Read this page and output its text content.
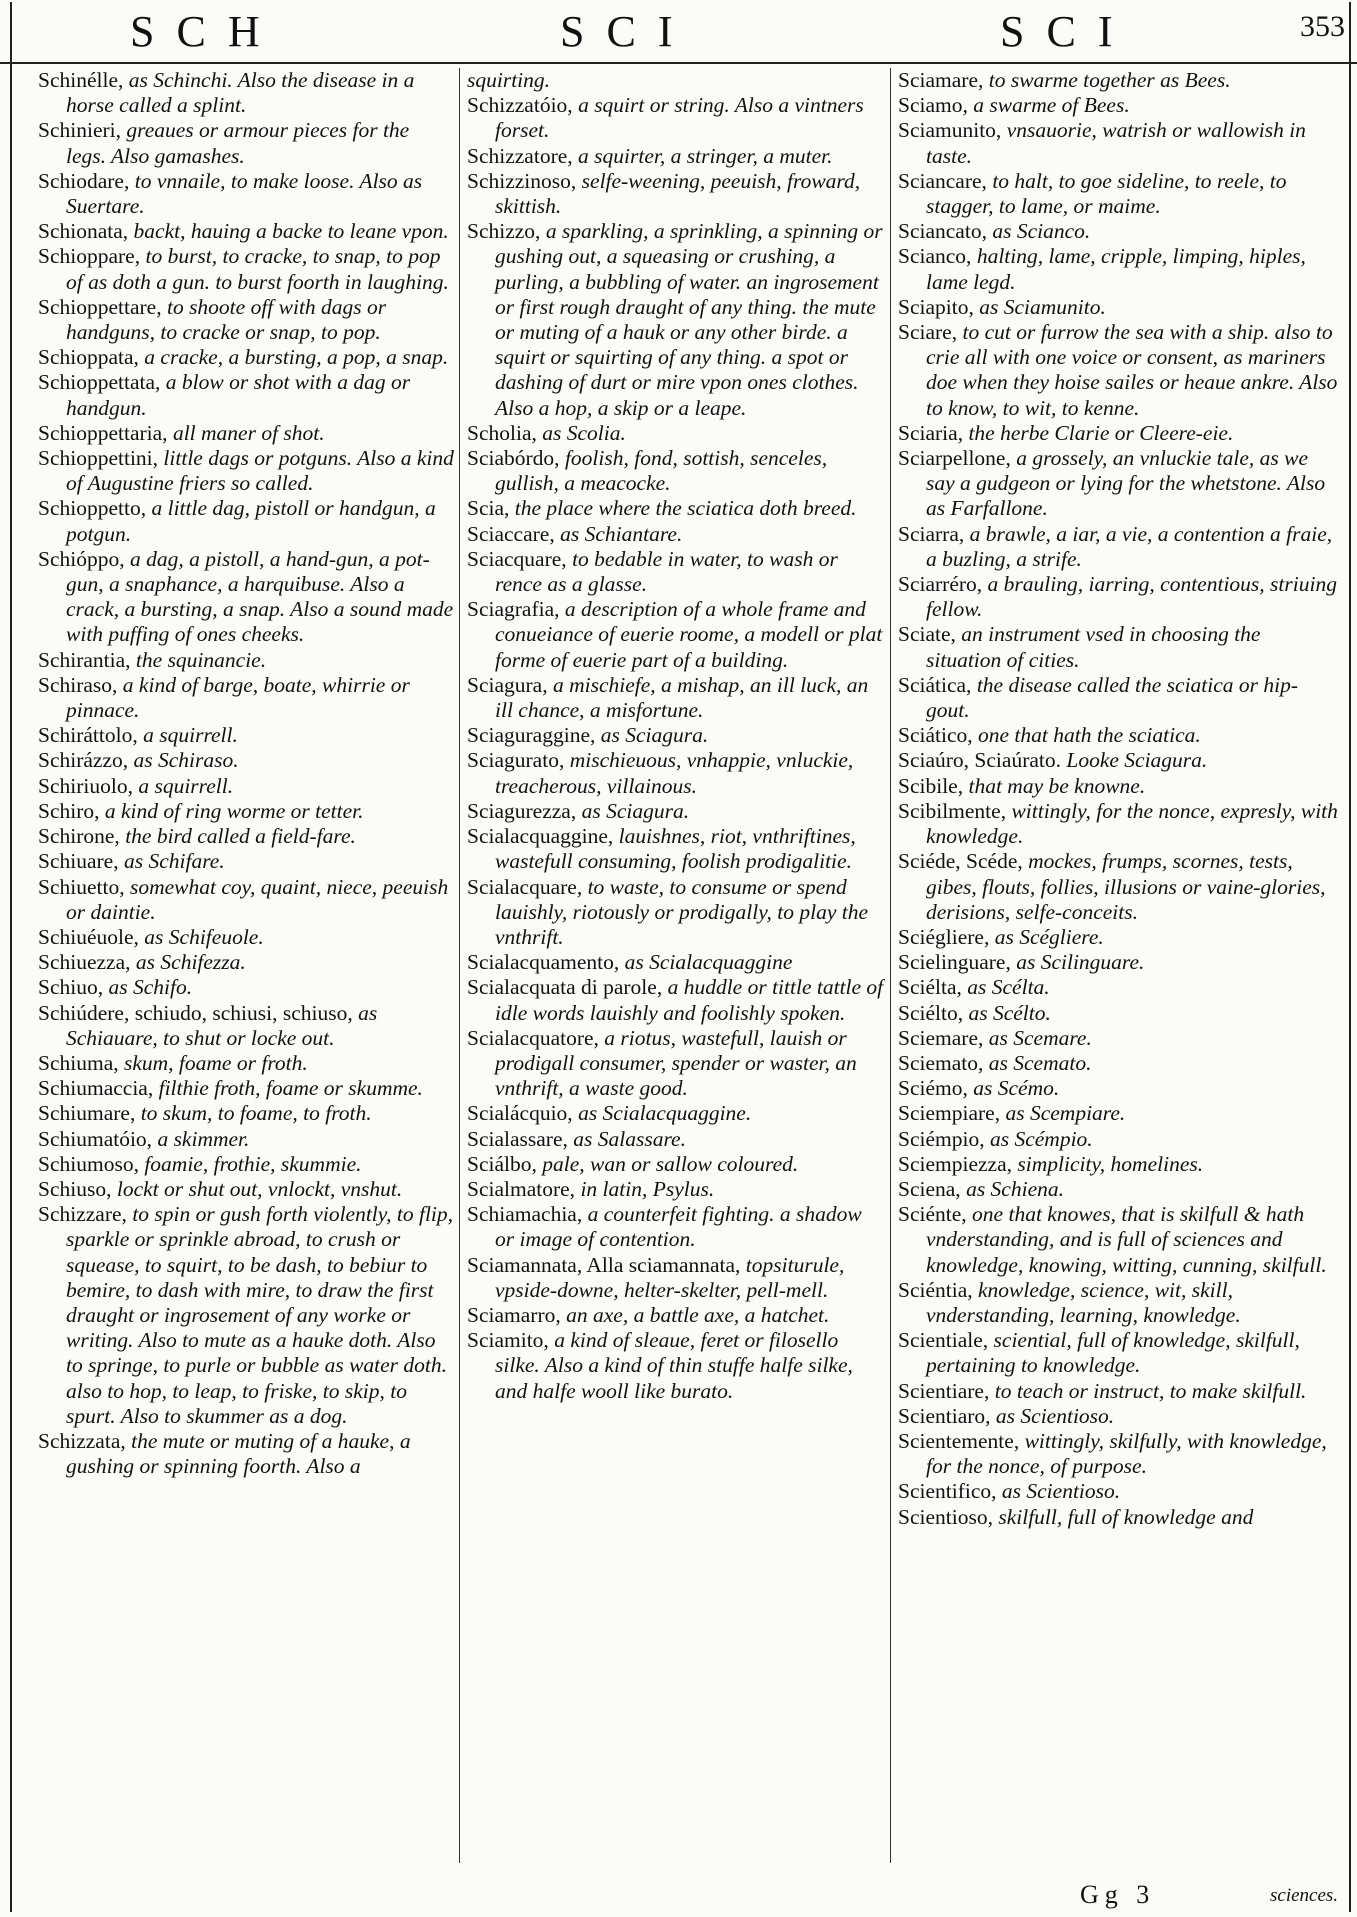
SCH	SCI	SCI	353

Schinélle, as Schinchi. Also the disease in a horse called a splint.

Schinieri, greaues or armour pieces for the legs. Also gamashes.

Schiodare, to vnnaile, to make loose. Also as Suertare.

Schionata, backt, hauing a backe to leane vpon.

Schioppare, to burst, to cracke, to snap, to pop of as doth a gun. to burst foorth in laughing.

Schioppettare, to shoote off with dags or handguns, to cracke or snap, to pop.

Schioppata, a cracke, a bursting, a pop, a snap.

Schioppettata, a blow or shot with a dag or handgun.

Schioppettaria, all maner of shot.

Schioppettini, little dags or potguns. Also a kind of Augustine friers so called.

Schioppetto, a little dag, pistoll or handgun, a potgun.

Schióppo, a dag, a pistoll, a hand-gun, a pot-gun, a snaphance, a harquibuse. Also a crack, a bursting, a snap. Also a sound made with puffing of ones cheeks.

Schirantia, the squinancie.

Schiraso, a kind of barge, boate, whirrie or pinnace.

Schiráttolo, a squirrell.

Schirázzo, as Schiraso.

Schiriuolo, a squirrell.

Schiro, a kind of ring worme or tetter.

Schirone, the bird called a field-fare.

Schiuare, as Schifare.

Schiuetto, somewhat coy, quaint, niece, peeuish or daintie.

Schiuéuole, as Schifeuole.

Schiuezza, as Schifezza.

Schiuo, as Schifo.

Schiúdere, schiudo, schiusi, schiuso, as Schiauare, to shut or locke out.

Schiuma, skum, foame or froth.

Schiumaccia, filthie froth, foame or skumme.

Schiumare, to skum, to foame, to froth.

Schiumatóio, a skimmer.

Schiumoso, foamie, frothie, skummie.

Schiuso, lockt or shut out, vnlockt, vnshut.

Schizzare, to spin or gush forth violently, to flip, sparkle or sprinkle abroad, to crush or squease, to squirt, to be dash, to bebiur to bemire, to dash with mire, to draw the first draught or ingrosement of any worke or writing. Also to mute as a hauke doth. Also to springe, to purle or bubble as water doth. also to hop, to leap, to friske, to skip, to spurt. Also to skummer as a dog.

Schizzata, the mute or muting of a hauke, a gushing or spinning foorth. Also a

squirting.

Schizzatóio, a squirt or string. Also a vintners forset.

Schizzatore, a squirter, a stringer, a muter.

Schizzinoso, selfe-weening, peeuish, froward, skittish.

Schizzo, a sparkling, a sprinkling, a spinning or gushing out, a squeasing or crushing, a purling, a bubbling of water. an ingrosement or first rough draught of any thing. the mute or muting of a hauk or any other birde. a squirt or squirting of any thing. a spot or dashing of durt or mire vpon ones clothes. Also a hop, a skip or a leape.

Scholia, as Scolia.

Sciabórdo, foolish, fond, sottish, senceles, gullish, a meacocke.

Scia, the place where the sciatica doth breed.

Sciaccare, as Schiantare.

Sciacquare, to bedable in water, to wash or rence as a glasse.

Sciagrafia, a description of a whole frame and conueiance of euerie roome, a modell or plat forme of euerie part of a building.

Sciagura, a mischiefe, a mishap, an ill luck, an ill chance, a misfortune.

Sciaguraggine, as Sciagura.

Sciagurato, mischieuous, vnhappie, vnluckie, treacherous, villainous.

Sciagurezza, as Sciagura.

Scialacquaggine, lauishnes, riot, vnthriftines, wastefull consuming, foolish prodigalitie.

Scialacquare, to waste, to consume or spend lauishly, riotously or prodigally, to play the vnthrift.

Scialacquamento, as Scialacquaggine

Scialacquata di parole, a huddle or tittle tattle of idle words lauishly and foolishly spoken.

Scialacquatore, a riotus, wastefull, lauish or prodigall consumer, spender or waster, an vnthrift, a waste good.

Scialácquio, as Scialacquaggine.

Scialassare, as Salassare.

Sciálbo, pale, wan or sallow coloured.

Scialmatore, in latin, Psylus.

Schiamachia, a counterfeit fighting. a shadow or image of contention.

Sciamannata, Alla sciamannata, topsiturule, vpside-downe, helter-skelter, pell-mell.

Sciamarro, an axe, a battle axe, a hatchet.

Sciamito, a kind of sleaue, feret or filosello silke. Also a kind of thin stuffe halfe silke, and halfe wooll like burato.

Sciamare, to swarme together as Bees.

Sciamo, a swarme of Bees.

Sciamunito, vnsauorie, watrish or wallowish in taste.

Sciancare, to halt, to goe sideline, to reele, to stagger, to lame, or maime.

Sciancato, as Scianco.

Scianco, halting, lame, cripple, limping, hiples, lame legd.

Sciapito, as Sciamunito.

Sciare, to cut or furrow the sea with a ship. also to crie all with one voice or consent, as mariners doe when they hoise sailes or heaue ankre. Also to know, to wit, to kenne.

Sciaria, the herbe Clarie or Cleere-eie.

Sciarpellone, a grossely, an vnluckie tale, as we say a gudgeon or lying for the whetstone. Also as Farfallone.

Sciarra, a brawle, a iar, a vie, a contention a fraie, a buzling, a strife.

Sciarréro, a brauling, iarring, contentious, striuing fellow.

Sciate, an instrument vsed in choosing the situation of cities.

Sciática, the disease called the sciatica or hip-gout.

Sciático, one that hath the sciatica.

Sciaúro, Sciaúrato. Looke Sciagura.

Scibile, that may be knowne.

Scibilmente, wittingly, for the nonce, expresly, with knowledge.

Sciéde, Scéde, mockes, frumps, scornes, tests, gibes, flouts, follies, illusions or vaine-glories, derisions, selfe-conceits.

Sciégliere, as Scégliere.

Scielinguare, as Scilinguare.

Sciélta, as Scélta.

Sciélto, as Scélto.

Sciemare, as Scemare.

Sciemato, as Scemato.

Sciémo, as Scémo.

Sciempiare, as Scempiare.

Sciémpio, as Scémpio.

Sciempiezza, simplicity, homelines.

Sciena, as Schiena.

Sciénte, one that knowes, that is skilfull & hath vnderstanding, and is full of sciences and knowledge, knowing, witting, cunning, skilfull.

Sciéntia, knowledge, science, wit, skill, vnderstanding, learning, knowledge.

Scientiale, sciential, full of knowledge, skilfull, pertaining to knowledge.

Scientiare, to teach or instruct, to make skilfull.

Scientiaro, as Scientioso.

Scientemente, wittingly, skilfully, with knowledge, for the nonce, of purpose.

Scientifico, as Scientioso.

Scientioso, skilfull, full of knowledge and

Gg 3	sciences.
